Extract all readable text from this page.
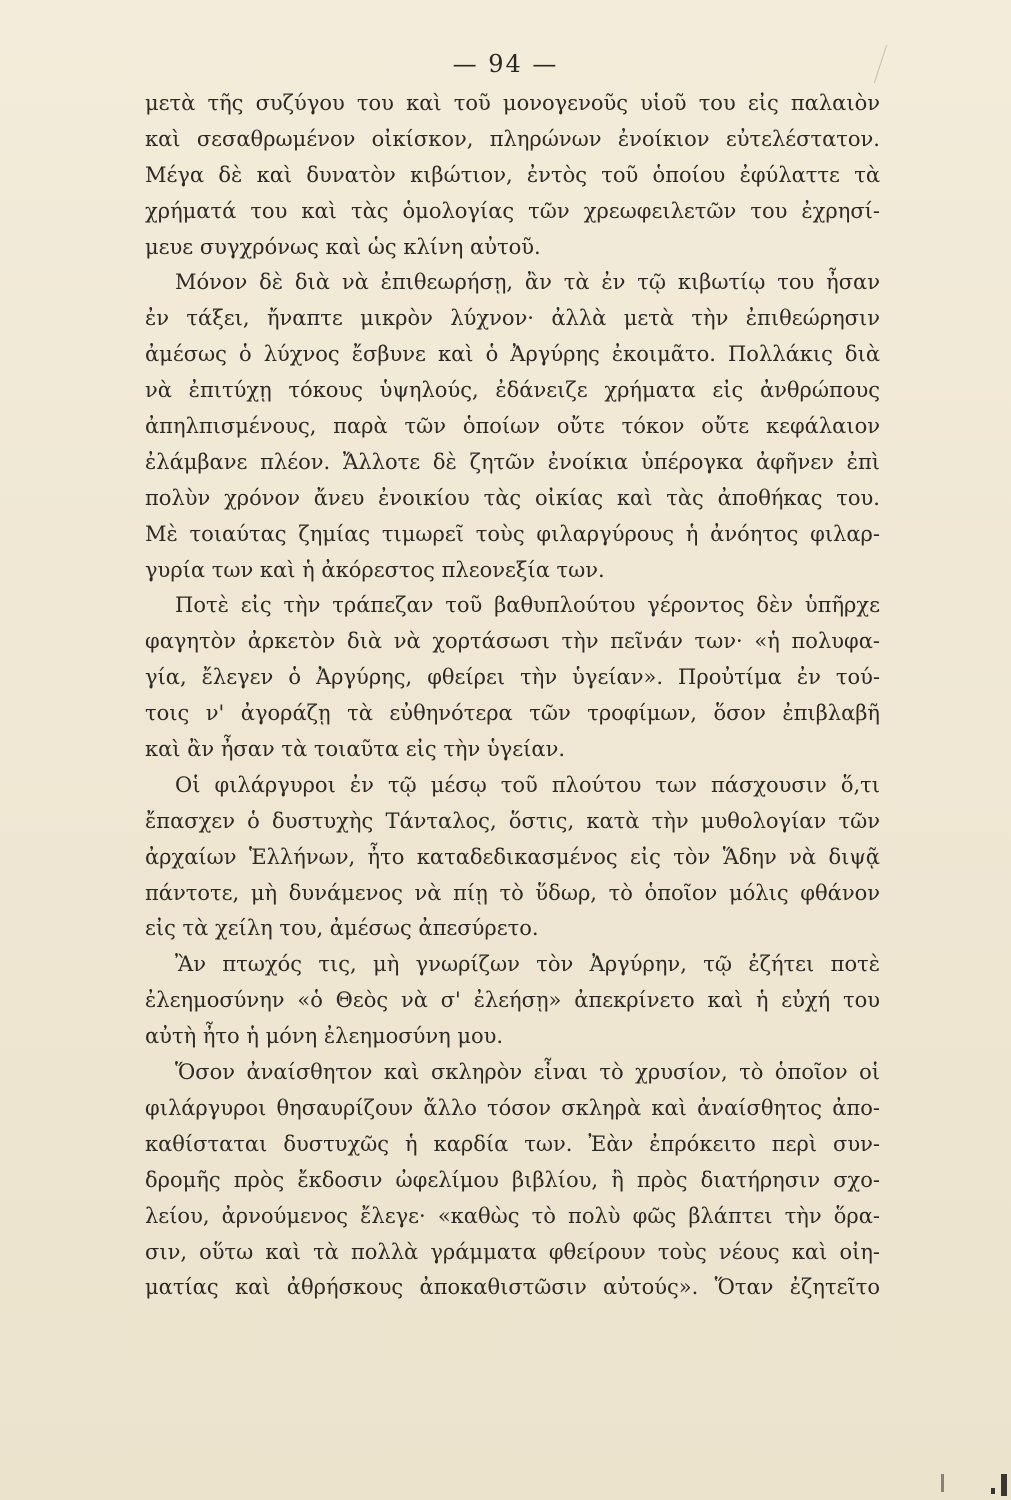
— 94 —
μετὰ τῆς συζύγου του καὶ τοῦ μονογενοῦς υἱοῦ του εἰς παλαιὸν
καὶ σεσαθρωμένον οἰκίσκον, πληρώνων ἐνοίκιον εὐτελέστατον.
Μέγα δὲ καὶ δυνατὸν κιβώτιον, ἐντὸς τοῦ ὁποίου ἐφύλαττε τὰ
χρήματά του καὶ τὰς ὁμολογίας τῶν χρεωφειλετῶν του ἐχρησί-
μευε συγχρόνως καὶ ὡς κλίνη αὐτοῦ.
Μόνον δὲ διὰ νὰ ἐπιθεωρήσῃ, ἂν τὰ ἐν τῷ κιβωτίῳ του ἦσαν
ἐν τάξει, ἤναπτε μικρὸν λύχνον· ἀλλὰ μετὰ τὴν ἐπιθεώρησιν
ἀμέσως ὁ λύχνος ἔσβυνε καὶ ὁ Ἀργύρης ἐκοιμᾶτο. Πολλάκις διὰ
νὰ ἐπιτύχῃ τόκους ὑψηλούς, ἐδάνειζε χρήματα εἰς ἀνθρώπους
ἀπηλπισμένους, παρὰ τῶν ὁποίων οὔτε τόκον οὔτε κεφάλαιον
ἐλάμβανε πλέον. Ἄλλοτε δὲ ζητῶν ἐνοίκια ὑπέρογκα ἀφῆνεν ἐπὶ
πολὺν χρόνον ἄνευ ἐνοικίου τὰς οἰκίας καὶ τὰς ἀποθήκας του.
Μὲ τοιαύτας ζημίας τιμωρεῖ τοὺς φιλαργύρους ἡ ἀνόητος φιλαρ-
γυρία των καὶ ἡ ἀκόρεστος πλεονεξία των.
Ποτὲ εἰς τὴν τράπεζαν τοῦ βαθυπλούτου γέροντος δὲν ὑπῆρχε
φαγητὸν ἀρκετὸν διὰ νὰ χορτάσωσι τὴν πεῖνάν των· «ἡ πολυφα-
γία, ἔλεγεν ὁ Ἀργύρης, φθείρει τὴν ὑγείαν». Προὐτίμα ἐν τού-
τοις ν' ἀγοράζῃ τὰ εὐθηνότερα τῶν τροφίμων, ὅσον ἐπιβλαβῆ
καὶ ἂν ἦσαν τὰ τοιαῦτα εἰς τὴν ὑγείαν.
Οἱ φιλάργυροι ἐν τῷ μέσῳ τοῦ πλούτου των πάσχουσιν ὅ,τι
ἔπασχεν ὁ δυστυχὴς Τάνταλος, ὅστις, κατὰ τὴν μυθολογίαν τῶν
ἀρχαίων Ἑλλήνων, ἦτο καταδεδικασμένος εἰς τὸν Ἅδην νὰ διψᾷ
πάντοτε, μὴ δυνάμενος νὰ πίῃ τὸ ὕδωρ, τὸ ὁποῖον μόλις φθάνον
εἰς τὰ χείλη του, ἀμέσως ἀπεσύρετο.
Ἂν πτωχός τις, μὴ γνωρίζων τὸν Ἀργύρην, τῷ ἐζήτει ποτὲ
ἐλεημοσύνην «ὁ Θεὸς νὰ σ' ἐλεήσῃ» ἀπεκρίνετο καὶ ἡ εὐχή του
αὐτὴ ἦτο ἡ μόνη ἐλεημοσύνη μου.
Ὅσον ἀναίσθητον καὶ σκληρὸν εἶναι τὸ χρυσίον, τὸ ὁποῖον οἱ
φιλάργυροι θησαυρίζουν ἄλλο τόσον σκληρὰ καὶ ἀναίσθητος ἀπο-
καθίσταται δυστυχῶς ἡ καρδία των. Ἐὰν ἐπρόκειτο περὶ συν-
δρομῆς πρὸς ἔκδοσιν ὠφελίμου βιβλίου, ἢ πρὸς διατήρησιν σχο-
λείου, ἀρνούμενος ἔλεγε· «καθὼς τὸ πολὺ φῶς βλάπτει τὴν ὅρα-
σιν, οὕτω καὶ τὰ πολλὰ γράμματα φθείρουν τοὺς νέους καὶ οἰη-
ματίας καὶ ἀθρήσκους ἀποκαθιστῶσιν αὐτούς». Ὅταν ἐζητεῖτο
